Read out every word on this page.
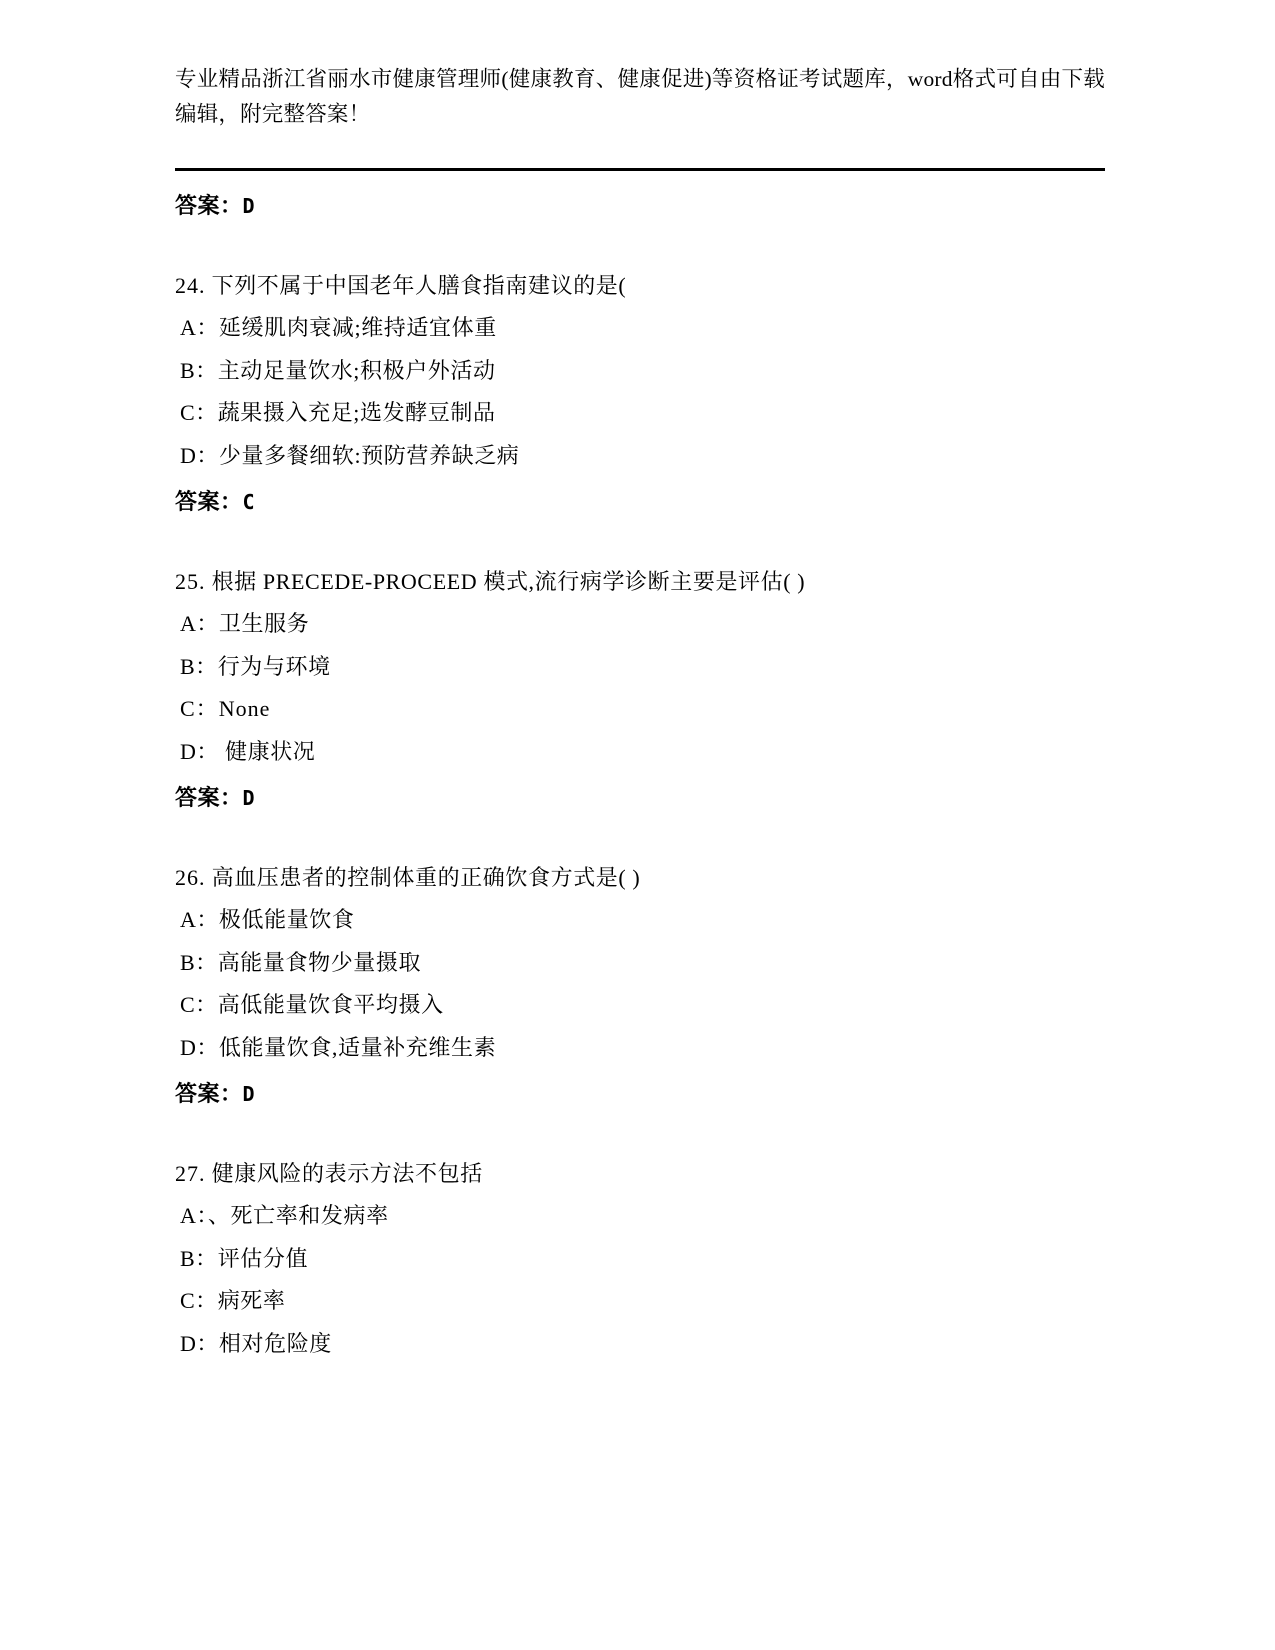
专业精品浙江省丽水市健康管理师(健康教育、健康促进)等资格证考试题库，word格式可自由下载编辑，附完整答案！
答案：D
24. 下列不属于中国老年人膳食指南建议的是(
A：延缓肌肉衰减;维持适宜体重
B：主动足量饮水;积极户外活动
C：蔬果摄入充足;选发酵豆制品
D：少量多餐细软:预防营养缺乏病
答案：C
25. 根据 PRECEDE-PROCEED 模式,流行病学诊断主要是评估( )
A：卫生服务
B：行为与环境
C：None
D： 健康状况
答案：D
26. 高血压患者的控制体重的正确饮食方式是( )
A：极低能量饮食
B：高能量食物少量摄取
C：高低能量饮食平均摄入
D：低能量饮食,适量补充维生素
答案：D
27. 健康风险的表示方法不包括
A：、死亡率和发病率
B：评估分值
C：病死率
D：相对危险度
